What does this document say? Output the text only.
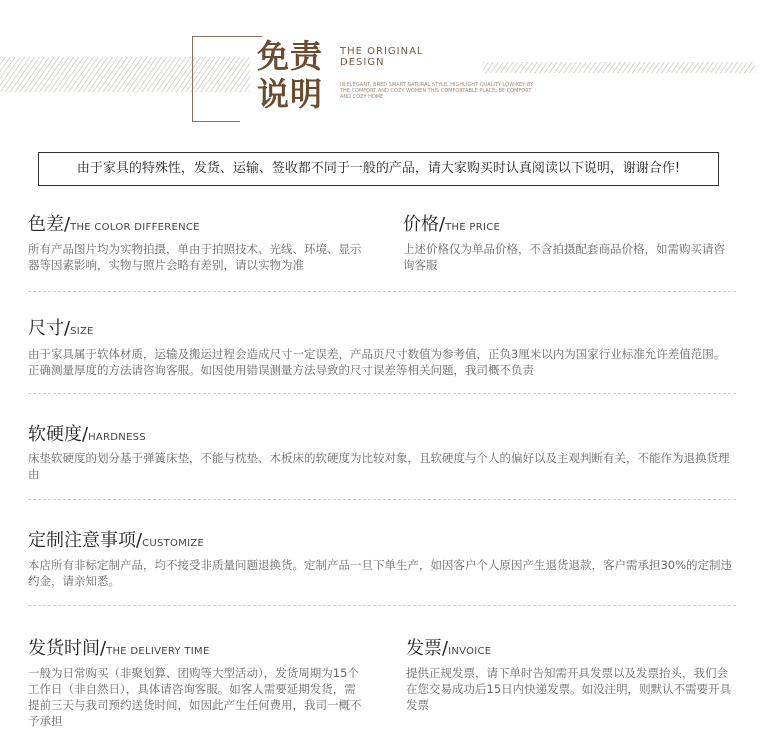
免责
说明
THE ORIGINAL
DESIGN
IN ELEGANT, BRED SMART NATURAL STYLE, HIGHLIGHT QUALITY LOW-KEY BY THE COMFORT AND COZY WOMEN THIS COMFORTABLE PLACE, BE COMFORT AND COZY HOME
由于家具的特殊性，发货、运输、签收都不同于一般的产品，请大家购买时认真阅读以下说明，谢谢合作!
色差/THE COLOR DIFFERENCE
所有产品图片均为实物拍摄，单由于拍照技术、光线、环境、显示器等因素影响，实物与照片会略有差别，请以实物为准
价格/THE PRICE
上述价格仅为单品价格，不含拍摄配套商品价格，如需购买请咨询客服
尺寸/SIZE
由于家具属于软体材质，运输及搬运过程会造成尺寸一定误差，产品页尺寸数值为参考值，正负3厘米以内为国家行业标准允许差值范围。正确测量厚度的方法请咨询客服。如因使用错误测量方法导致的尺寸误差等相关问题，我司概不负责
软硬度/HARDNESS
床垫软硬度的划分基于弹簧床垫，不能与枕垫、木板床的软硬度为比较对象，且软硬度与个人的偏好以及主观判断有关，不能作为退换货理由
定制注意事项/CUSTOMIZE
本店所有非标定制产品，均不接受非质量问题退换货。定制产品一旦下单生产，如因客户个人原因产生退货退款，客户需承担30%的定制违约金，请亲知悉。
发货时间/THE DELIVERY TIME
一般为日常购买（非聚划算、团购等大型活动），发货周期为15个工作日（非自然日），具体请咨询客服。如客人需要延期发货，需提前三天与我司预约送货时间，如因此产生任何费用，我司一概不予承担
发票/INVOICE
提供正规发票，请下单时告知需开具发票以及发票抬头，我们会在您交易成功后15日内快递发票。如没注明，则默认不需要开具发票
